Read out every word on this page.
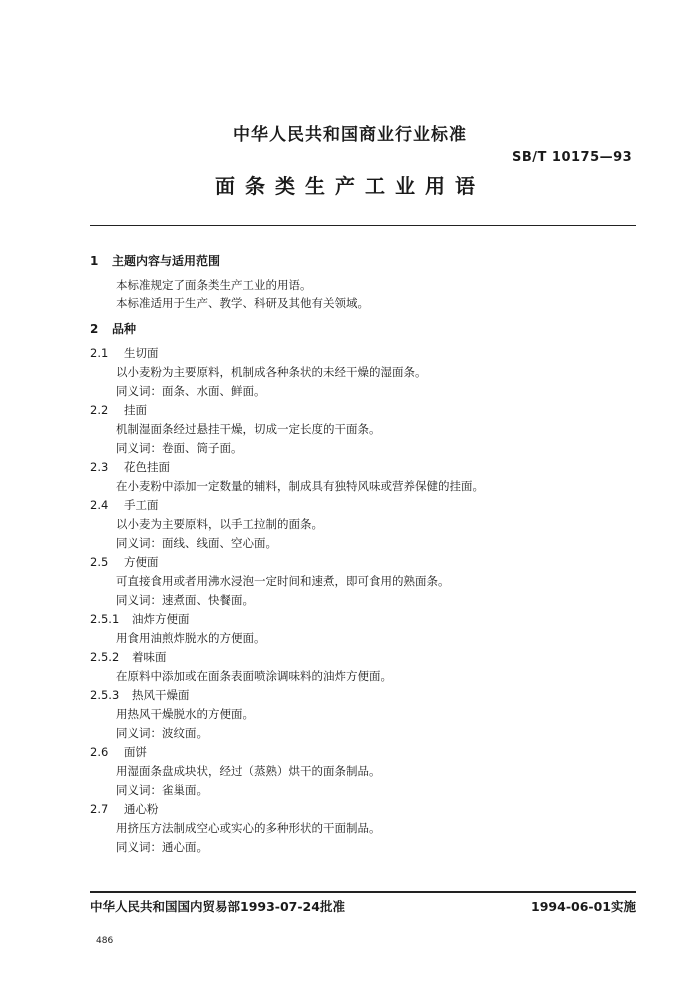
中华人民共和国商业行业标准
SB/T 10175—93
面条类生产工业用语
1 主题内容与适用范围
本标准规定了面条类生产工业的用语。
本标准适用于生产、教学、科研及其他有关领域。
2 品种
2.1 生切面
以小麦粉为主要原料，机制成各种条状的未经干燥的湿面条。
同义词：面条、水面、鲜面。
2.2 挂面
机制湿面条经过悬挂干燥，切成一定长度的干面条。
同义词：卷面、筒子面。
2.3 花色挂面
在小麦粉中添加一定数量的辅料，制成具有独特风味或营养保健的挂面。
2.4 手工面
以小麦为主要原料，以手工拉制的面条。
同义词：面线、线面、空心面。
2.5 方便面
可直接食用或者用沸水浸泡一定时间和速煮，即可食用的熟面条。
同义词：速煮面、快餐面。
2.5.1 油炸方便面
用食用油煎炸脱水的方便面。
2.5.2 着味面
在原料中添加或在面条表面喷涂调味料的油炸方便面。
2.5.3 热风干燥面
用热风干燥脱水的方便面。
同义词：波纹面。
2.6 面饼
用湿面条盘成块状，经过（蒸熟）烘干的面条制品。
同义词：雀巢面。
2.7 通心粉
用挤压方法制成空心或实心的多种形状的干面制品。
同义词：通心面。
中华人民共和国国内贸易部1993-07-24批准	1994-06-01实施
486
